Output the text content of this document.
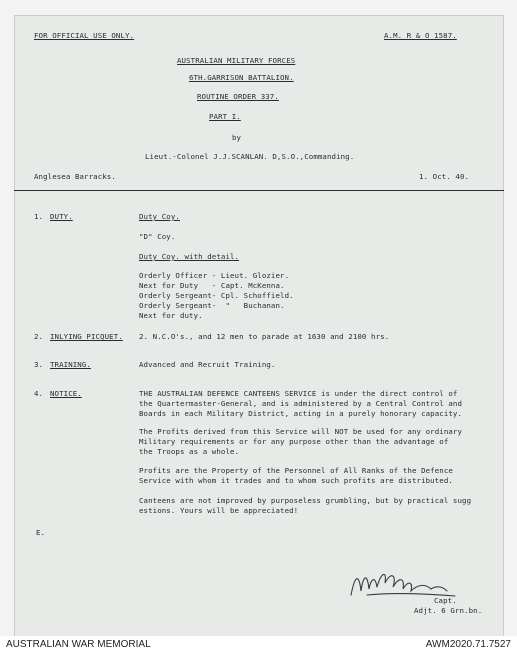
FOR OFFICIAL USE ONLY.	A.M. R & O 1587.
AUSTRALIAN MILITARY FORCES
6TH.GARRISON BATTALION.
ROUTINE ORDER 337.
PART I.
by
Lieut.-Colonel J.J.SCANLAN. D,S.O.,Commanding.
Anglesea Barracks.	1. Oct. 40.
1. DUTY.	Duty Coy.
"D" Coy.
Duty Coy. with detail.
Orderly Officer - Lieut. Glozier.
Next for Duty   - Capt. McKenna.
Orderly Sergeant- Cpl. Schoffield.
Orderly Sergeant-  "   Buchanan.
Next for duty.
2. INLYING PICQUET. 2. N.C.O's., and 12 men to parade at 1630 and 2100 hrs.
3. TRAINING.	Advanced and Recruit Training.
4. NOTICE.	THE AUSTRALIAN DEFENCE CANTEENS SERVICE is under the direct control of
the Quartermaster-General, and is administered by a Central Control and
Boards in each Military District, acting in a purely honorary capacity.
The Profits derived from this Service will NOT be used for any ordinary
Military requirements or for any purpose other than the advantage of
the Troops as a whole.
Profits are the Property of the Personnel of All Ranks of the Defence
Service with whom it trades and to whom such profits are distributed.
Canteens are not improved by purposeless grumbling, but by practical sugg
estions. Yours will be appreciated!
E.
Capt.
Adjt. 6 Grn.bn.
AUSTRALIAN WAR MEMORIAL	AWM2020.71.7527
